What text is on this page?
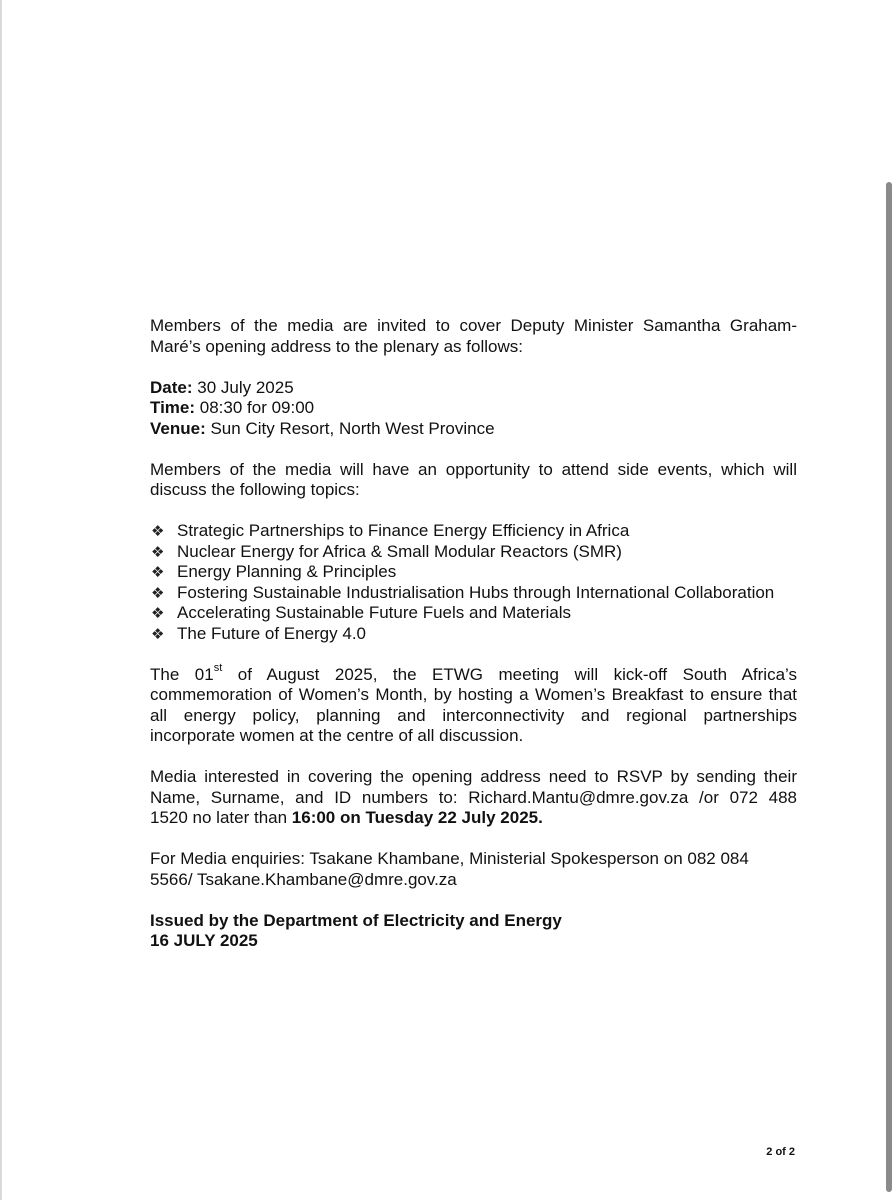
Members of the media are invited to cover Deputy Minister Samantha Graham-

Maré’s opening address to the plenary as follows:

Date: 30 July 2025

Time: 08:30 for 09:00

Venue: Sun City Resort, North West Province

Members of the media will have an opportunity to attend side events, which will

discuss the following topics:

❖ Strategic Partnerships to Finance Energy Efficiency in Africa
❖ Nuclear Energy for Africa & Small Modular Reactors (SMR)
❖ Energy Planning & Principles
❖ Fostering Sustainable Industrialisation Hubs through International Collaboration
❖ Accelerating Sustainable Future Fuels and Materials
❖ The Future of Energy 4.0

The 01st of August 2025, the ETWG meeting will kick-off South Africa’s

commemoration of Women’s Month, by hosting a Women’s Breakfast to ensure that

all energy policy, planning and interconnectivity and regional partnerships

incorporate women at the centre of all discussion.

Media interested in covering the opening address need to RSVP by sending their

Name, Surname, and ID numbers to: Richard.Mantu@dmre.gov.za /or 072 488

1520 no later than 16:00 on Tuesday 22 July 2025.

For Media enquiries: Tsakane Khambane, Ministerial Spokesperson on 082 084

5566/ Tsakane.Khambane@dmre.gov.za

Issued by the Department of Electricity and Energy

16 JULY 2025

2 of 2
